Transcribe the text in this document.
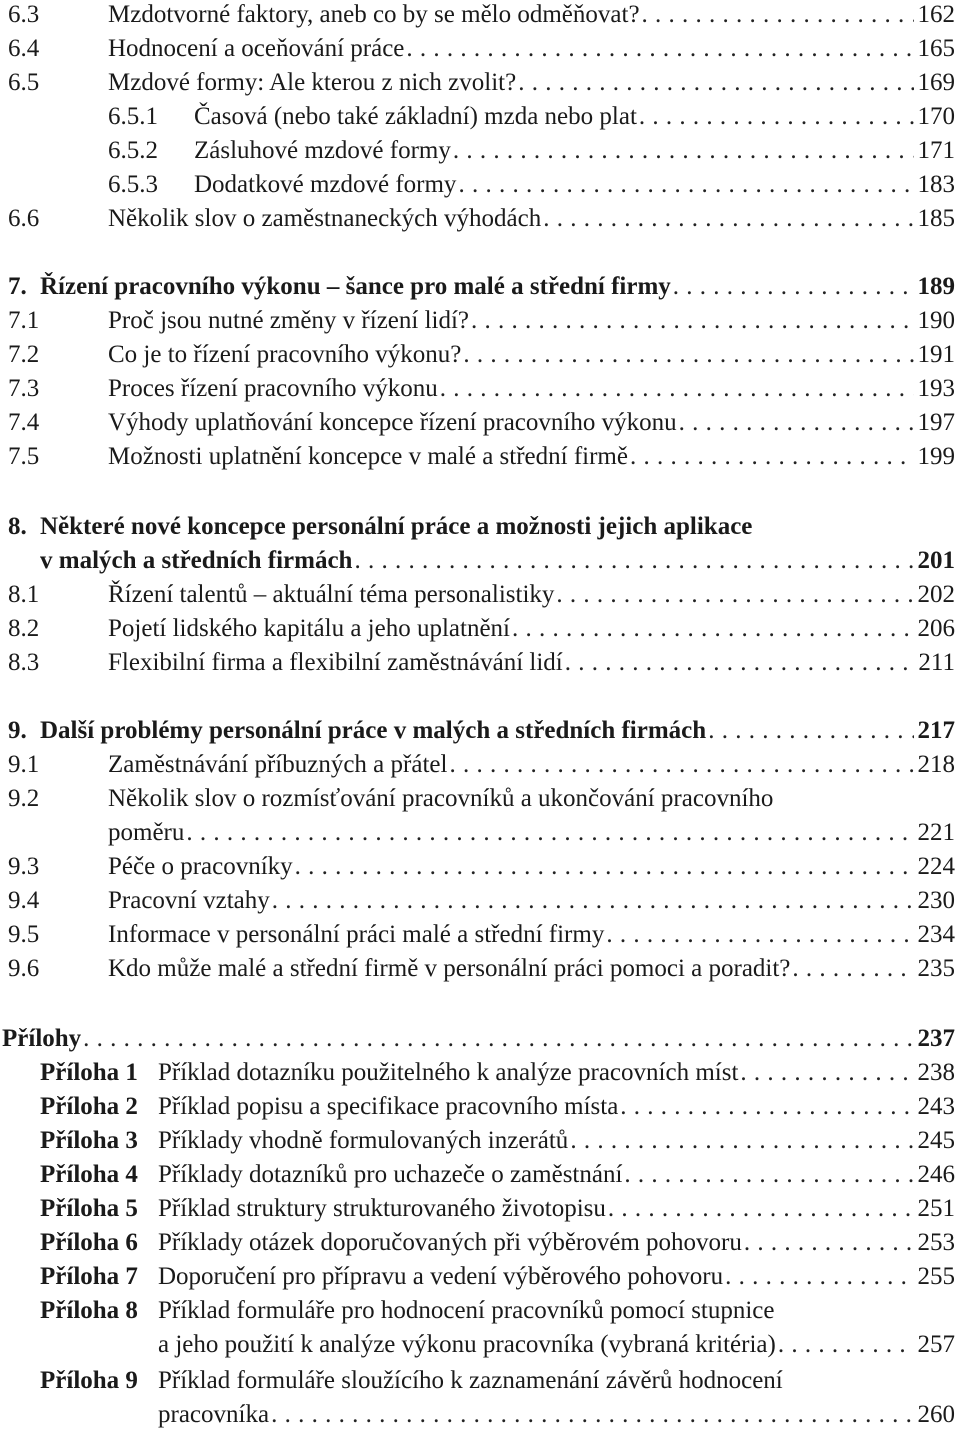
6.3	Mzdotvorné faktory, aneb co by se mělo odměňovat? . . .	162
6.4	Hodnocení a oceňování práce . . .	165
6.5	Mzdové formy: Ale kterou z nich zvolit? . . .	169
6.5.1	Časová (nebo také základní) mzda nebo plat . . .	170
6.5.2	Zásluhové mzdové formy . . .	171
6.5.3	Dodatkové mzdové formy . . .	183
6.6	Několik slov o zaměstnaneckých výhodách . . .	185
7. Řízení pracovního výkonu – šance pro malé a střední firmy . . .	189
7.1	Proč jsou nutné změny v řízení lidí? . . .	190
7.2	Co je to řízení pracovního výkonu? . . .	191
7.3	Proces řízení pracovního výkonu . . .	193
7.4	Výhody uplatňování koncepce řízení pracovního výkonu . . .	197
7.5	Možnosti uplatnění koncepce v malé a střední firmě . . .	199
8. Některé nové koncepce personální práce a možnosti jejich aplikace
v malých a středních firmách . . .	201
8.1	Řízení talentů – aktuální téma personalistiky . . .	202
8.2	Pojetí lidského kapitálu a jeho uplatnění . . .	206
8.3	Flexibilní firma a flexibilní zaměstnávání lidí . . .	211
9. Další problémy personální práce v malých a středních firmách . . .	217
9.1	Zaměstnávání příbuzných a přátel . . .	218
9.2	Několik slov o rozmísťování pracovníků a ukončování pracovního
poměru . . .	221
9.3	Péče o pracovníky . . .	224
9.4	Pracovní vztahy . . .	230
9.5	Informace v personální práci malé a střední firmy . . .	234
9.6	Kdo může malé a střední firmě v personální práci pomoci a poradit? . . .	235
Přílohy . . .	237
Příloha 1 Příklad dotazníku použitelného k analýze pracovních míst . . .	238
Příloha 2 Příklad popisu a specifikace pracovního místa . . .	243
Příloha 3 Příklady vhodně formulovaných inzerátů . . .	245
Příloha 4 Příklady dotazníků pro uchazeče o zaměstnání . . .	246
Příloha 5 Příklad struktury strukturovaného životopisu . . .	251
Příloha 6 Příklady otázek doporučovaných při výběrovém pohovoru . . .	253
Příloha 7 Doporučení pro přípravu a vedení výběrového pohovoru . . .	255
Příloha 8 Příklad formuláře pro hodnocení pracovníků pomocí stupnice
a jeho použití k analýze výkonu pracovníka (vybraná kritéria) . . .	257
Příloha 9 Příklad formuláře sloužícího k zaznamenání závěrů hodnocení
pracovníka . . .	260
